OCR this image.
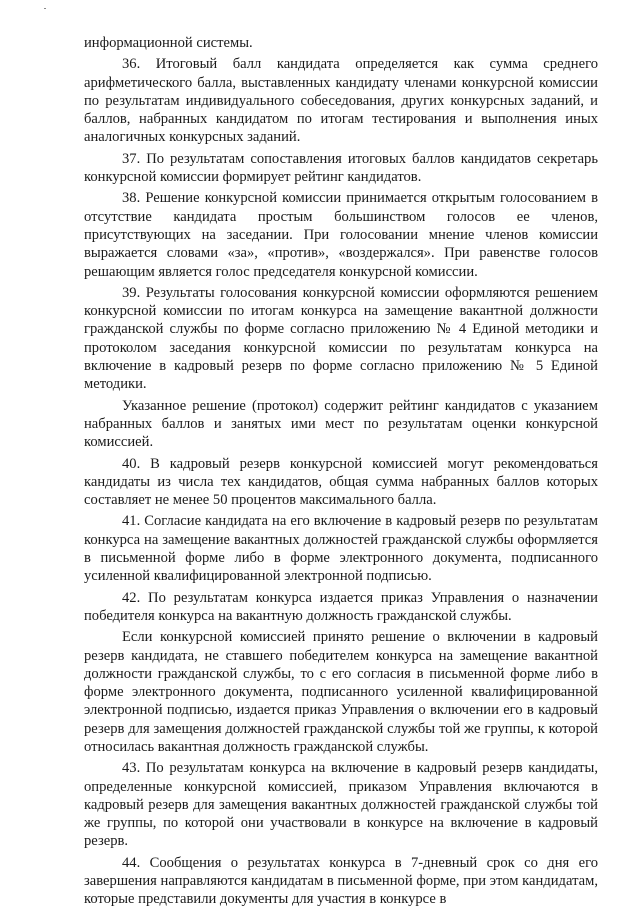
информационной системы.

36. Итоговый балл кандидата определяется как сумма среднего арифметического балла, выставленных кандидату членами конкурсной комиссии по результатам индивидуального собеседования, других конкурсных заданий, и баллов, набранных кандидатом по итогам тестирования и выполнения иных аналогичных конкурсных заданий.

37. По результатам сопоставления итоговых баллов кандидатов секретарь конкурсной комиссии формирует рейтинг кандидатов.

38. Решение конкурсной комиссии принимается открытым голосованием в отсутствие кандидата простым большинством голосов ее членов, присутствующих на заседании. При голосовании мнение членов комиссии выражается словами «за», «против», «воздержался». При равенстве голосов решающим является голос председателя конкурсной комиссии.

39. Результаты голосования конкурсной комиссии оформляются решением конкурсной комиссии по итогам конкурса на замещение вакантной должности гражданской службы по форме согласно приложению № 4 Единой методики и протоколом заседания конкурсной комиссии по результатам конкурса на включение в кадровый резерв по форме согласно приложению № 5 Единой методики.

Указанное решение (протокол) содержит рейтинг кандидатов с указанием набранных баллов и занятых ими мест по результатам оценки конкурсной комиссией.

40. В кадровый резерв конкурсной комиссией могут рекомендоваться кандидаты из числа тех кандидатов, общая сумма набранных баллов которых составляет не менее 50 процентов максимального балла.

41. Согласие кандидата на его включение в кадровый резерв по результатам конкурса на замещение вакантных должностей гражданской службы оформляется в письменной форме либо в форме электронного документа, подписанного усиленной квалифицированной электронной подписью.

42. По результатам конкурса издается приказ Управления о назначении победителя конкурса на вакантную должность гражданской службы.

Если конкурсной комиссией принято решение о включении в кадровый резерв кандидата, не ставшего победителем конкурса на замещение вакантной должности гражданской службы, то с его согласия в письменной форме либо в форме электронного документа, подписанного усиленной квалифицированной электронной подписью, издается приказ Управления о включении его в кадровый резерв для замещения должностей гражданской службы той же группы, к которой относилась вакантная должность гражданской службы.

43. По результатам конкурса на включение в кадровый резерв кандидаты, определенные конкурсной комиссией, приказом Управления включаются в кадровый резерв для замещения вакантных должностей гражданской службы той же группы, по которой они участвовали в конкурсе на включение в кадровый резерв.

44. Сообщения о результатах конкурса в 7-дневный срок со дня его завершения направляются кандидатам в письменной форме, при этом кандидатам, которые представили документы для участия в конкурсе в
